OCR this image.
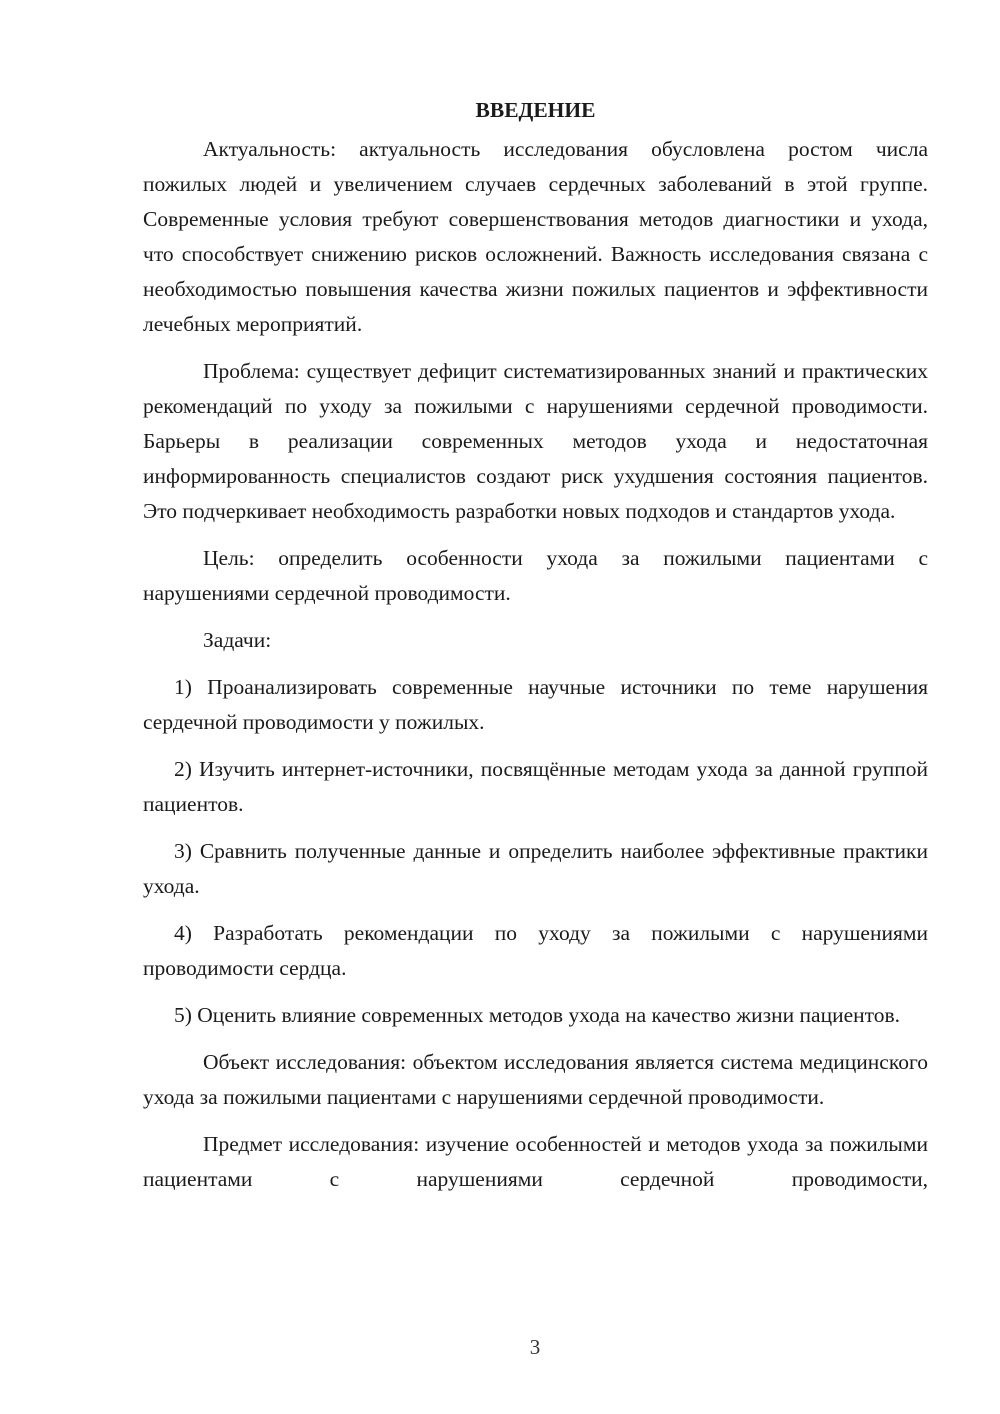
ВВЕДЕНИЕ

Актуальность: актуальность исследования обусловлена ростом числа пожилых людей и увеличением случаев сердечных заболеваний в этой группе. Современные условия требуют совершенствования методов диагностики и ухода, что способствует снижению рисков осложнений. Важность исследования связана с необходимостью повышения качества жизни пожилых пациентов и эффективности лечебных мероприятий.

Проблема: существует дефицит систематизированных знаний и практических рекомендаций по уходу за пожилыми с нарушениями сердечной проводимости. Барьеры в реализации современных методов ухода и недостаточная информированность специалистов создают риск ухудшения состояния пациентов. Это подчеркивает необходимость разработки новых подходов и стандартов ухода.

Цель: определить особенности ухода за пожилыми пациентами с нарушениями сердечной проводимости.

Задачи:

1) Проанализировать современные научные источники по теме нарушения сердечной проводимости у пожилых.

2) Изучить интернет-источники, посвящённые методам ухода за данной группой пациентов.

3) Сравнить полученные данные и определить наиболее эффективные практики ухода.

4) Разработать рекомендации по уходу за пожилыми с нарушениями проводимости сердца.

5) Оценить влияние современных методов ухода на качество жизни пациентов.

Объект исследования: объектом исследования является система медицинского ухода за пожилыми пациентами с нарушениями сердечной проводимости.

Предмет исследования: изучение особенностей и методов ухода за пожилыми пациентами с нарушениями сердечной проводимости,

3
